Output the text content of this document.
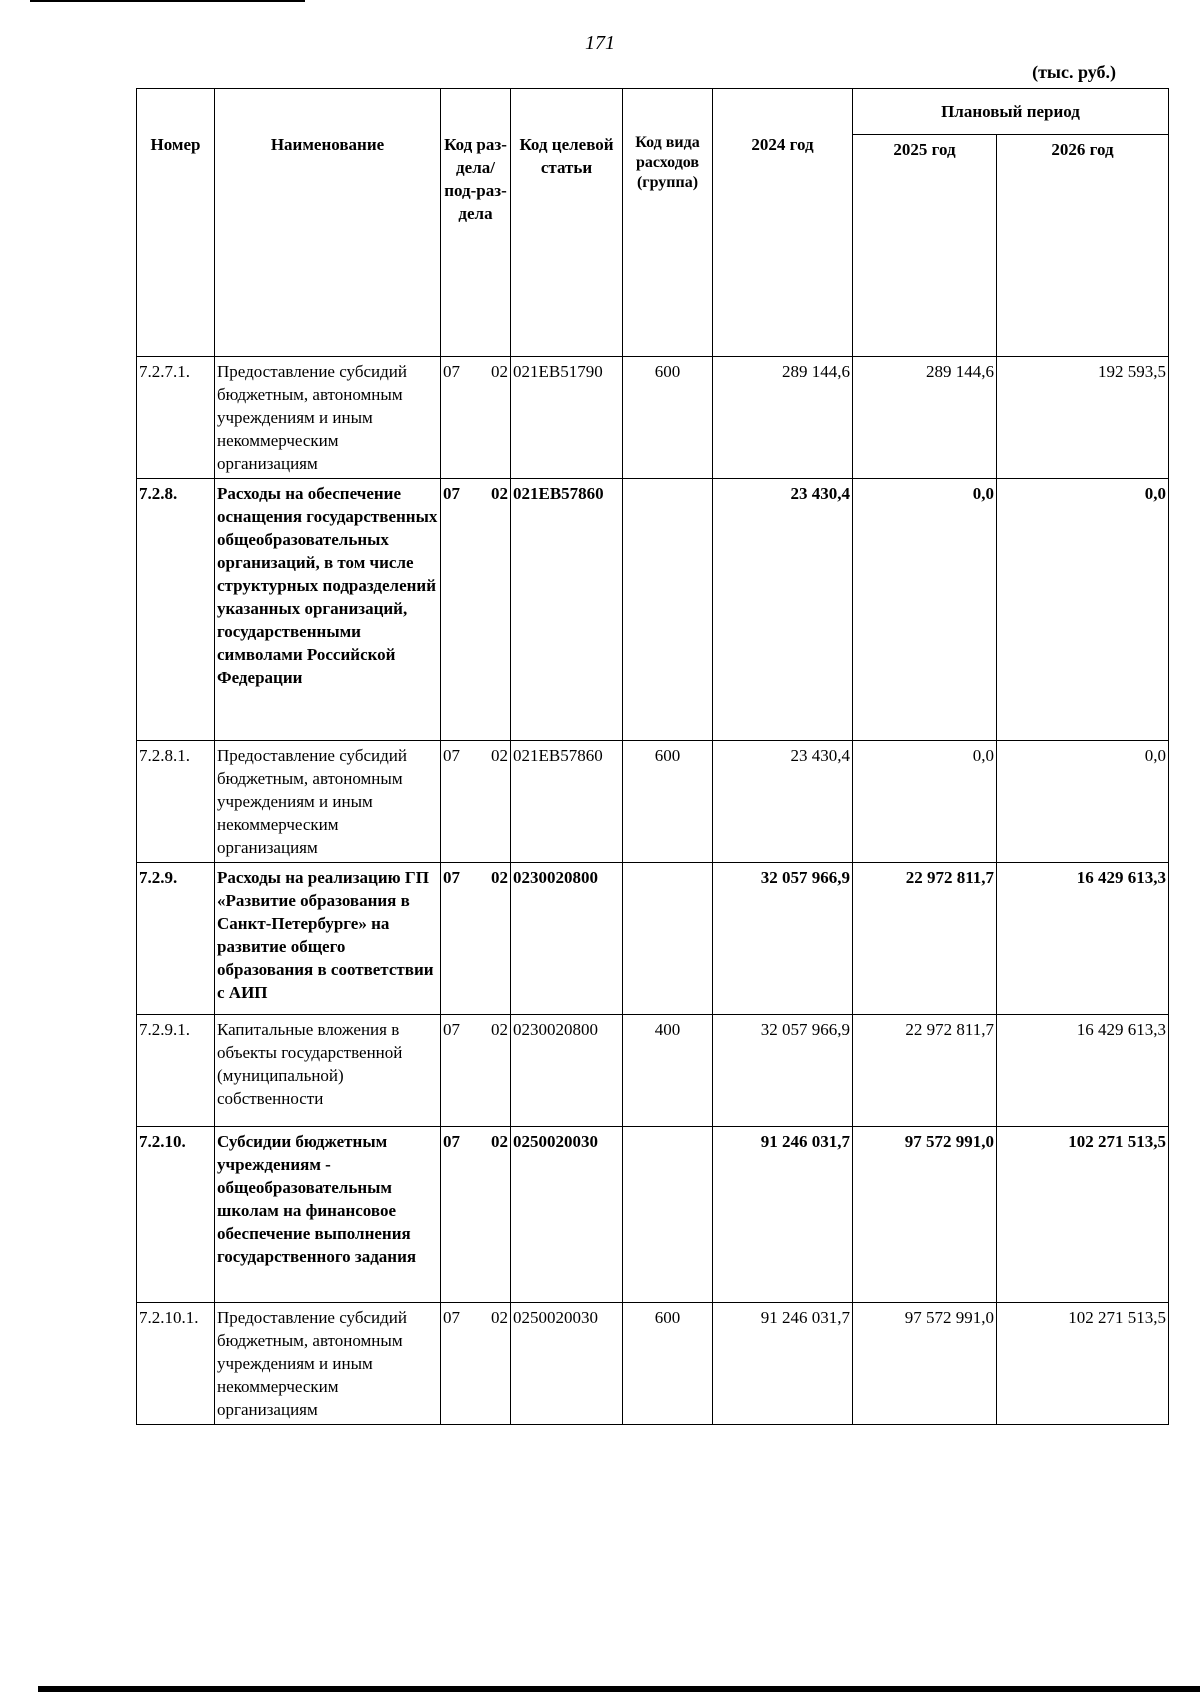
171
(тыс. руб.)
Номер	Наименование	Код раз-дела/ под-раз-дела	Код целевой статьи	Код вида расходов (группа)	2024 год	Плановый период	
						2025 год	2026 год
7.2.7.1.	Предоставление субсидий бюджетным, автономным учреждениям и иным некоммерческим организациям	07 02	021EB51790	600	289 144,6	289 144,6	192 593,5
7.2.8.	Расходы на обеспечение оснащения государственных общеобразовательных организаций, в том числе структурных подразделений указанных организаций, государственными символами Российской Федерации	07 02	021EB57860		23 430,4	0,0	0,0
7.2.8.1.	Предоставление субсидий бюджетным, автономным учреждениям и иным некоммерческим организациям	07 02	021EB57860	600	23 430,4	0,0	0,0
7.2.9.	Расходы на реализацию ГП «Развитие образования в Санкт-Петербурге» на развитие общего образования в соответствии с АИП	07 02	0230020800		32 057 966,9	22 972 811,7	16 429 613,3
7.2.9.1.	Капитальные вложения в объекты государственной (муниципальной) собственности	07 02	0230020800	400	32 057 966,9	22 972 811,7	16 429 613,3
7.2.10.	Субсидии бюджетным учреждениям - общеобразовательным школам на финансовое обеспечение выполнения государственного задания	07 02	0250020030		91 246 031,7	97 572 991,0	102 271 513,5
7.2.10.1.	Предоставление субсидий бюджетным, автономным учреждениям и иным некоммерческим организациям	07 02	0250020030	600	91 246 031,7	97 572 991,0	102 271 513,5
